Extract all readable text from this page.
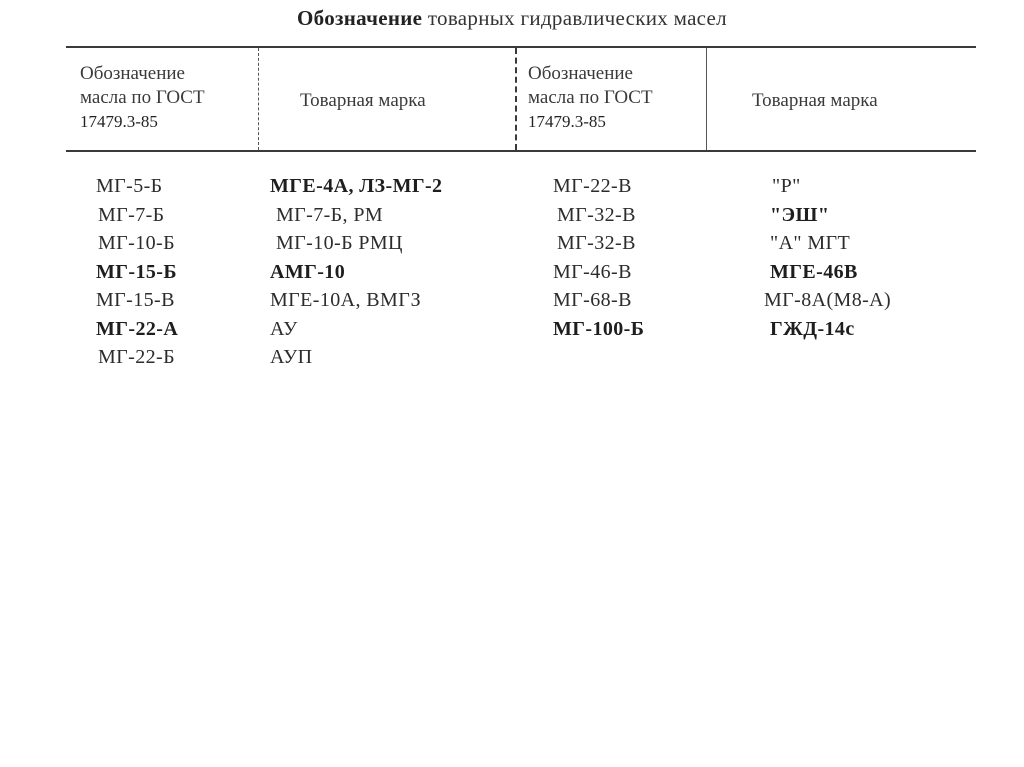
Обозначение товарных гидравлических масел
Обозначение
масла по ГОСТ
17479.3-85
Товарная марка
Обозначение
масла по ГОСТ
17479.3-85
Товарная марка
МГ-5-Б
МГ-7-Б
МГ-10-Б
МГ-15-Б
МГ-15-В
МГ-22-А
МГ-22-Б
МГЕ-4А, ЛЗ-МГ-2
МГ-7-Б, РМ
МГ-10-Б РМЦ
АМГ-10
МГЕ-10А, ВМГЗ
АУ
АУП
МГ-22-В
МГ-32-В
МГ-32-В
МГ-46-В
МГ-68-В
МГ-100-Б
"Р"
"ЭШ"
"А" МГТ
МГЕ-46В
МГ-8А(М8-А)
ГЖД-14с
